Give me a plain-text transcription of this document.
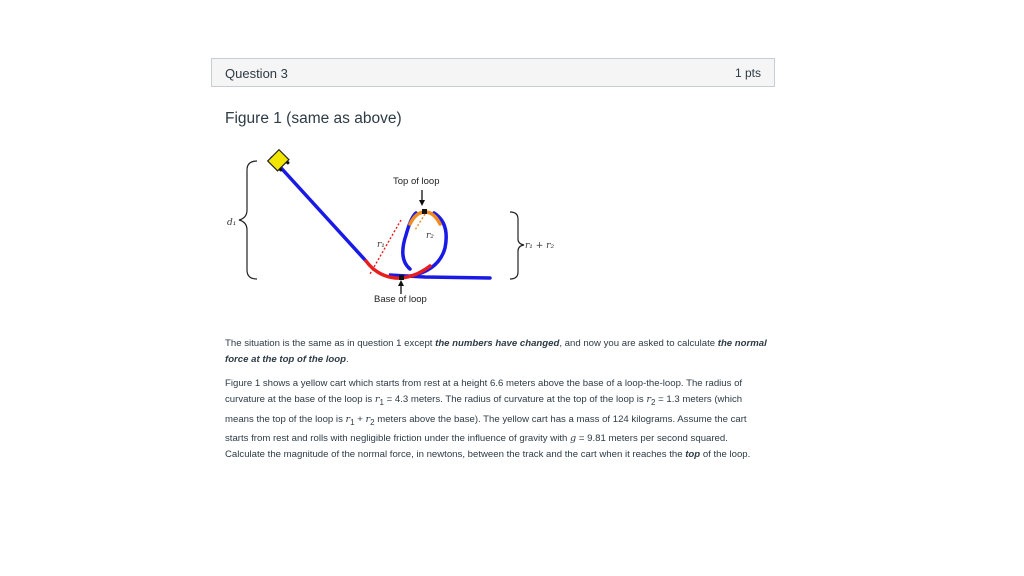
Question 3	1 pts
Figure 1 (same as above)
d₁
r₁
r₂
Top of loop
Base of loop
r₁ + r₂
The situation is the same as in question 1 except the numbers have changed, and now you are asked to calculate the normal force at the top of the loop.
Figure 1 shows a yellow cart which starts from rest at a height 6.6 meters above the base of a loop-the-loop. The radius of curvature at the base of the loop is $r_1 = 4.3$ meters. The radius of curvature at the top of the loop is $r_2 = 1.3$ meters (which means the top of the loop is $r_1 + r_2$ meters above the base). The yellow cart has a mass of 124 kilograms. Assume the cart starts from rest and rolls with negligible friction under the influence of gravity with g = 9.81 meters per second squared. Calculate the magnitude of the normal force, in newtons, between the track and the cart when it reaches the top of the loop.
